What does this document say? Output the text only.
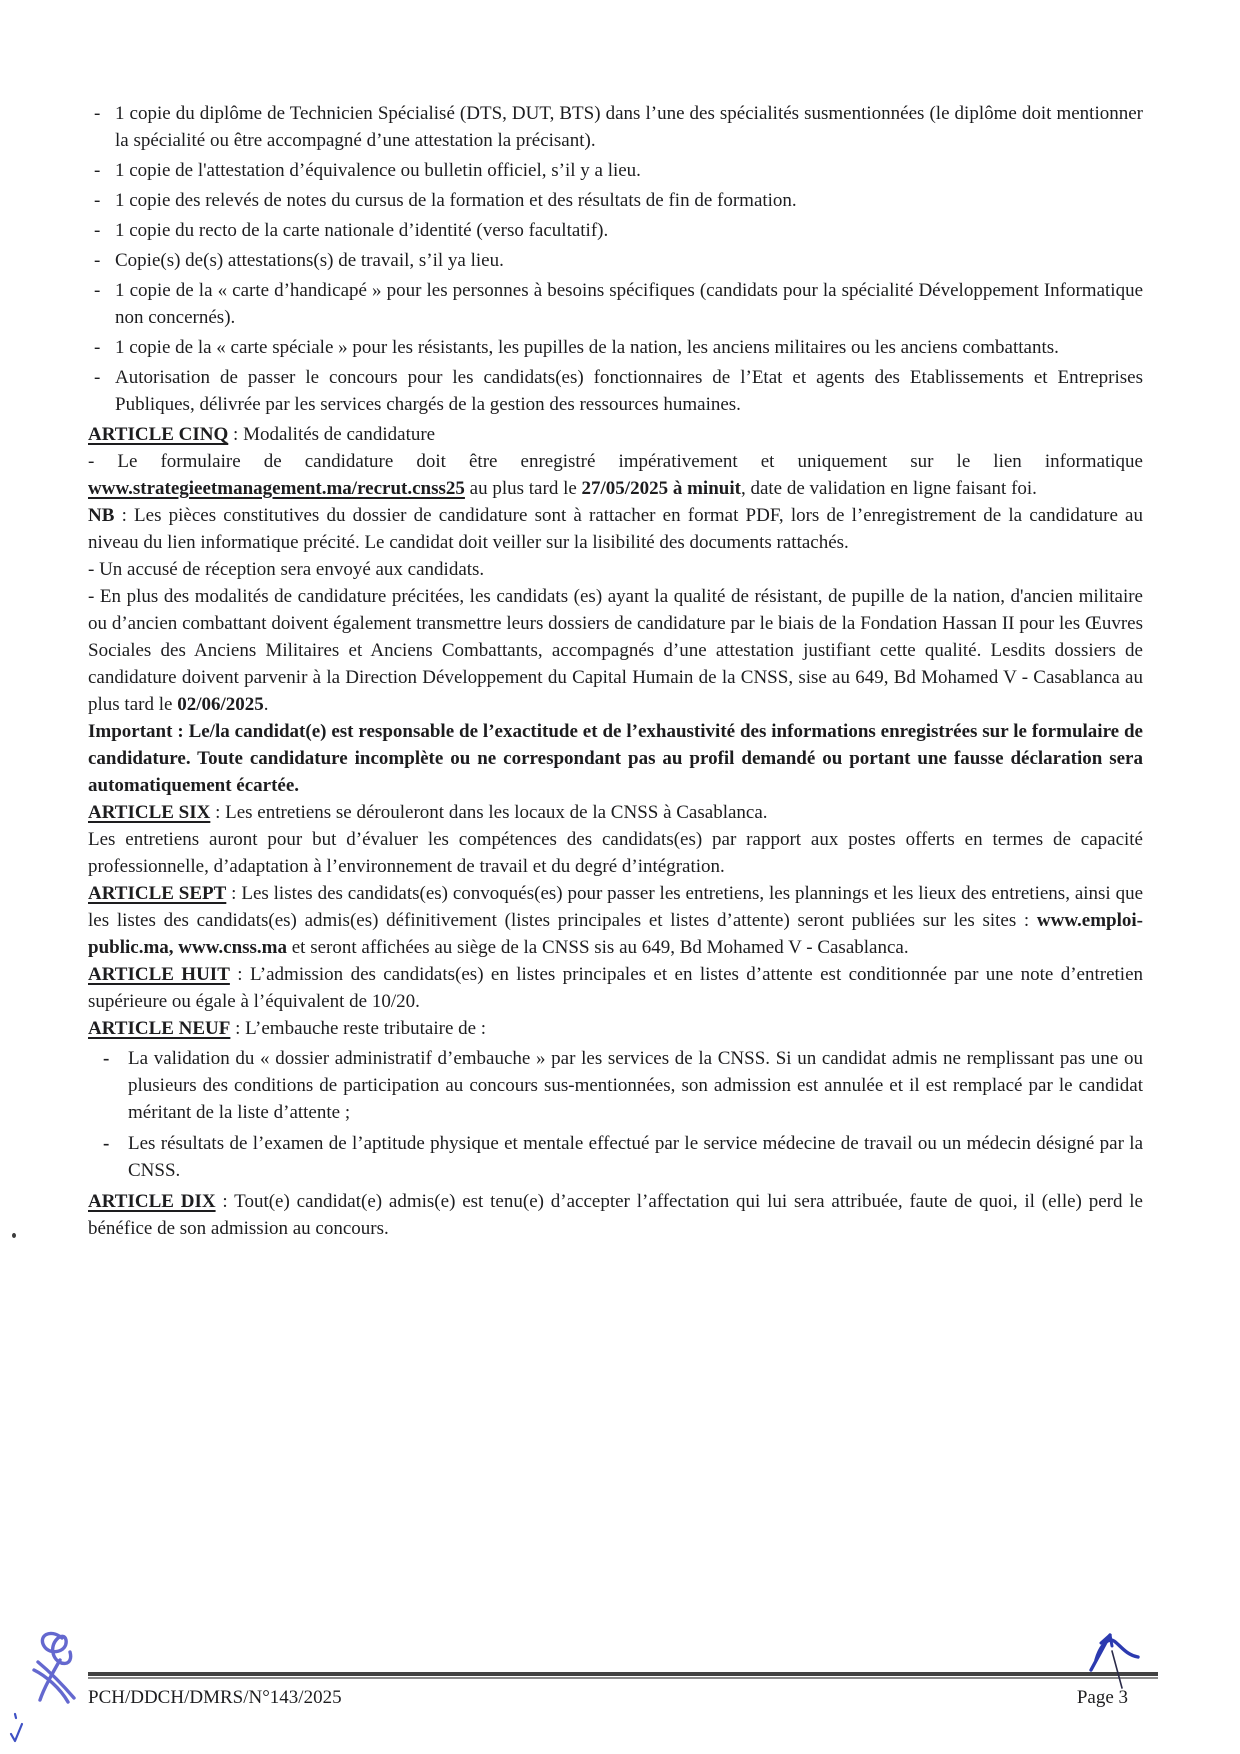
- 1 copie du diplôme de Technicien Spécialisé (DTS, DUT, BTS) dans l’une des spécialités susmentionnées (le diplôme doit mentionner la spécialité ou être accompagné d’une attestation la précisant).
- 1 copie de l'attestation d’équivalence ou bulletin officiel, s’il y a lieu.
- 1 copie des relevés de notes du cursus de la formation et des résultats de fin de formation.
- 1 copie du recto de la carte nationale d’identité (verso facultatif).
- Copie(s) de(s) attestations(s) de travail, s’il ya lieu.
- 1 copie de la « carte d’handicapé » pour les personnes à besoins spécifiques (candidats pour la spécialité Développement Informatique non concernés).
- 1 copie de la « carte spéciale » pour les résistants, les pupilles de la nation, les anciens militaires ou les anciens combattants.
- Autorisation de passer le concours pour les candidats(es) fonctionnaires de l’Etat et agents des Etablissements et Entreprises Publiques, délivrée par les services chargés de la gestion des ressources humaines.

ARTICLE CINQ : Modalités de candidature

- Le formulaire de candidature doit être enregistré impérativement et uniquement sur le lien informatique www.strategieetmanagement.ma/recrut.cnss25 au plus tard le 27/05/2025 à minuit, date de validation en ligne faisant foi.

NB : Les pièces constitutives du dossier de candidature sont à rattacher en format PDF, lors de l’enregistrement de la candidature au niveau du lien informatique précité. Le candidat doit veiller sur la lisibilité des documents rattachés.

- Un accusé de réception sera envoyé aux candidats.

- En plus des modalités de candidature précitées, les candidats (es) ayant la qualité de résistant, de pupille de la nation, d'ancien militaire ou d’ancien combattant doivent également transmettre leurs dossiers de candidature par le biais de la Fondation Hassan II pour les Œuvres Sociales des Anciens Militaires et Anciens Combattants, accompagnés d’une attestation justifiant cette qualité. Lesdits dossiers de candidature doivent parvenir à la Direction Développement du Capital Humain de la CNSS, sise au 649, Bd Mohamed V - Casablanca au plus tard le 02/06/2025.

Important : Le/la candidat(e) est responsable de l’exactitude et de l’exhaustivité des informations enregistrées sur le formulaire de candidature. Toute candidature incomplète ou ne correspondant pas au profil demandé ou portant une fausse déclaration sera automatiquement écartée.

ARTICLE SIX : Les entretiens se dérouleront dans les locaux de la CNSS à Casablanca.

Les entretiens auront pour but d’évaluer les compétences des candidats(es) par rapport aux postes offerts en termes de capacité professionnelle, d’adaptation à l’environnement de travail et du degré d’intégration.

ARTICLE SEPT : Les listes des candidats(es) convoqués(es) pour passer les entretiens, les plannings et les lieux des entretiens, ainsi que les listes des candidats(es) admis(es) définitivement (listes principales et listes d’attente) seront publiées sur les sites : www.emploi-public.ma, www.cnss.ma et seront affichées au siège de la CNSS sis au 649, Bd Mohamed V - Casablanca.

ARTICLE HUIT : L’admission des candidats(es) en listes principales et en listes d’attente est conditionnée par une note d’entretien supérieure ou égale à l’équivalent de 10/20.

ARTICLE NEUF : L’embauche reste tributaire de :

- La validation du « dossier administratif d’embauche » par les services de la CNSS. Si un candidat admis ne remplissant pas une ou plusieurs des conditions de participation au concours sus-mentionnées, son admission est annulée et il est remplacé par le candidat méritant de la liste d’attente ;
- Les résultats de l’examen de l’aptitude physique et mentale effectué par le service médecine de travail ou un médecin désigné par la CNSS.

ARTICLE DIX : Tout(e) candidat(e) admis(e) est tenu(e) d’accepter l’affectation qui lui sera attribuée, faute de quoi, il (elle) perd le bénéfice de son admission au concours.

PCH/DDCH/DMRS/N°143/2025	Page 3
